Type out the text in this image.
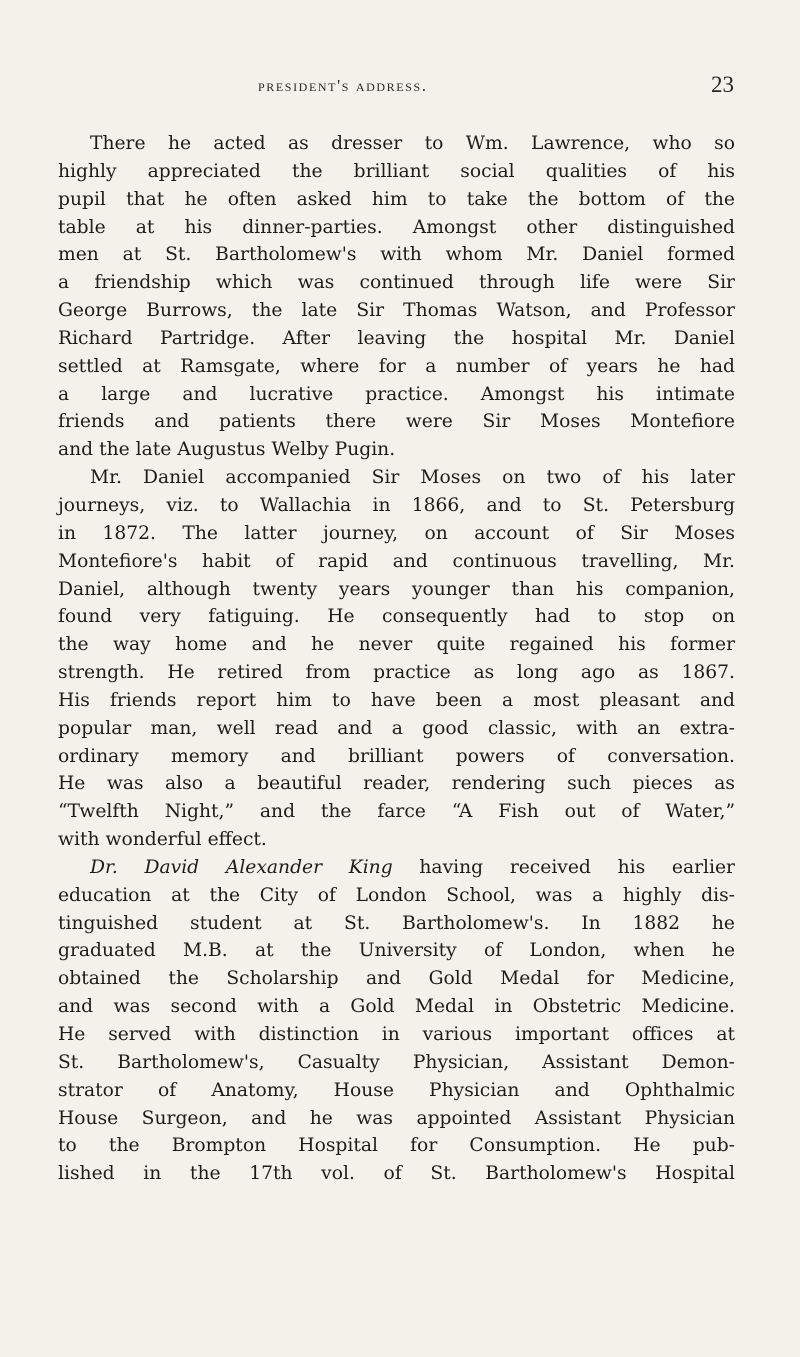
president's address.	23

There he acted as dresser to Wm. Lawrence, who so
highly appreciated the brilliant social qualities of his
pupil that he often asked him to take the bottom of the
table at his dinner-parties. Amongst other distinguished
men at St. Bartholomew's with whom Mr. Daniel formed
a friendship which was continued through life were Sir
George Burrows, the late Sir Thomas Watson, and Professor
Richard Partridge. After leaving the hospital Mr. Daniel
settled at Ramsgate, where for a number of years he had
a large and lucrative practice. Amongst his intimate
friends and patients there were Sir Moses Montefiore
and the late Augustus Welby Pugin.

Mr. Daniel accompanied Sir Moses on two of his later
journeys, viz. to Wallachia in 1866, and to St. Petersburg
in 1872. The latter journey, on account of Sir Moses
Montefiore's habit of rapid and continuous travelling, Mr.
Daniel, although twenty years younger than his companion,
found very fatiguing. He consequently had to stop on
the way home and he never quite regained his former
strength. He retired from practice as long ago as 1867.
His friends report him to have been a most pleasant and
popular man, well read and a good classic, with an extra-
ordinary memory and brilliant powers of conversation.
He was also a beautiful reader, rendering such pieces as
“Twelfth Night,” and the farce “A Fish out of Water,”
with wonderful effect.

Dr. David Alexander King having received his earlier
education at the City of London School, was a highly dis-
tinguished student at St. Bartholomew's. In 1882 he
graduated M.B. at the University of London, when he
obtained the Scholarship and Gold Medal for Medicine,
and was second with a Gold Medal in Obstetric Medicine.
He served with distinction in various important offices at
St. Bartholomew's, Casualty Physician, Assistant Demon-
strator of Anatomy, House Physician and Ophthalmic
House Surgeon, and he was appointed Assistant Physician
to the Brompton Hospital for Consumption. He pub-
lished in the 17th vol. of St. Bartholomew's Hospital
